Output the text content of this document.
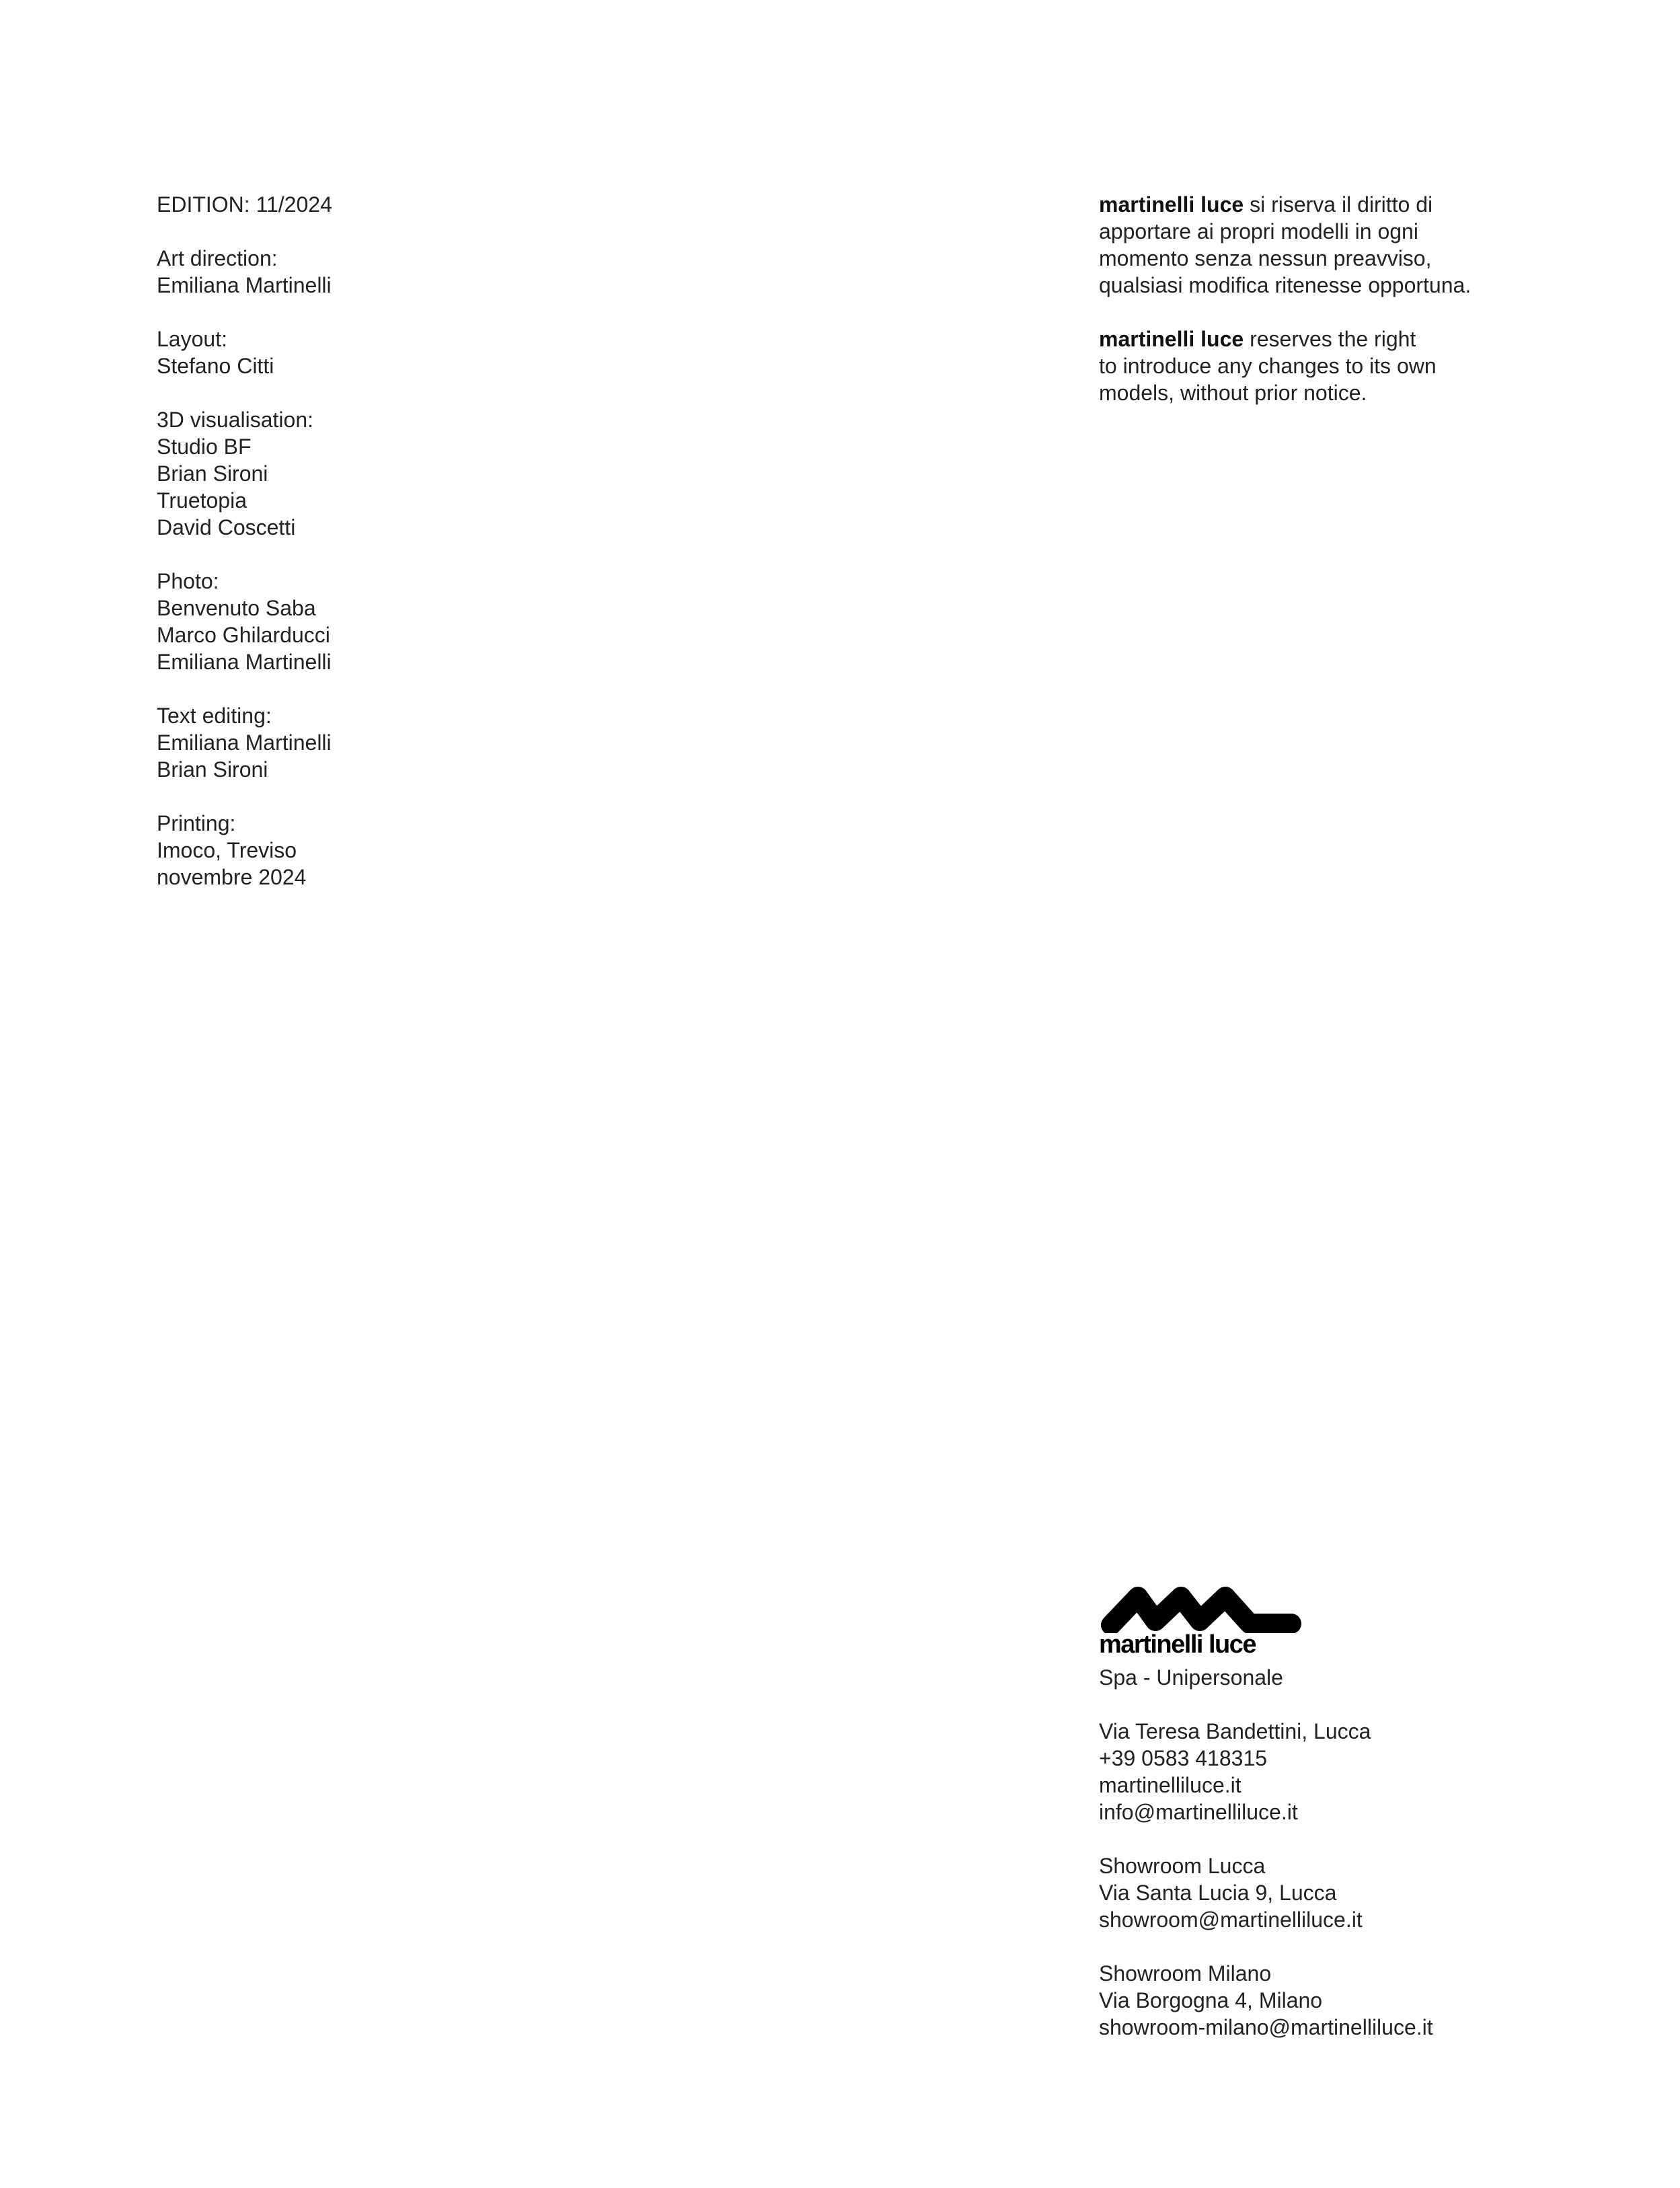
EDITION: 11/2024
Art direction:
Emiliana Martinelli
Layout:
Stefano Citti
3D visualisation:
Studio BF
Brian Sironi
Truetopia
David Coscetti
Photo:
Benvenuto Saba
Marco Ghilarducci
Emiliana Martinelli
Text editing:
Emiliana Martinelli
Brian Sironi
Printing:
Imoco, Treviso
novembre 2024
martinelli luce si riserva il diritto di
apportare ai propri modelli in ogni
momento senza nessun preavviso,
qualsiasi modifica ritenesse opportuna.
martinelli luce reserves the right
to introduce any changes to its own
models, without prior notice.
martinelli luce
Spa - Unipersonale
Via Teresa Bandettini, Lucca
+39 0583 418315
martinelliluce.it
info@martinelliluce.it
Showroom Lucca
Via Santa Lucia 9, Lucca
showroom@martinelliluce.it
Showroom Milano
Via Borgogna 4, Milano
showroom-milano@martinelliluce.it
